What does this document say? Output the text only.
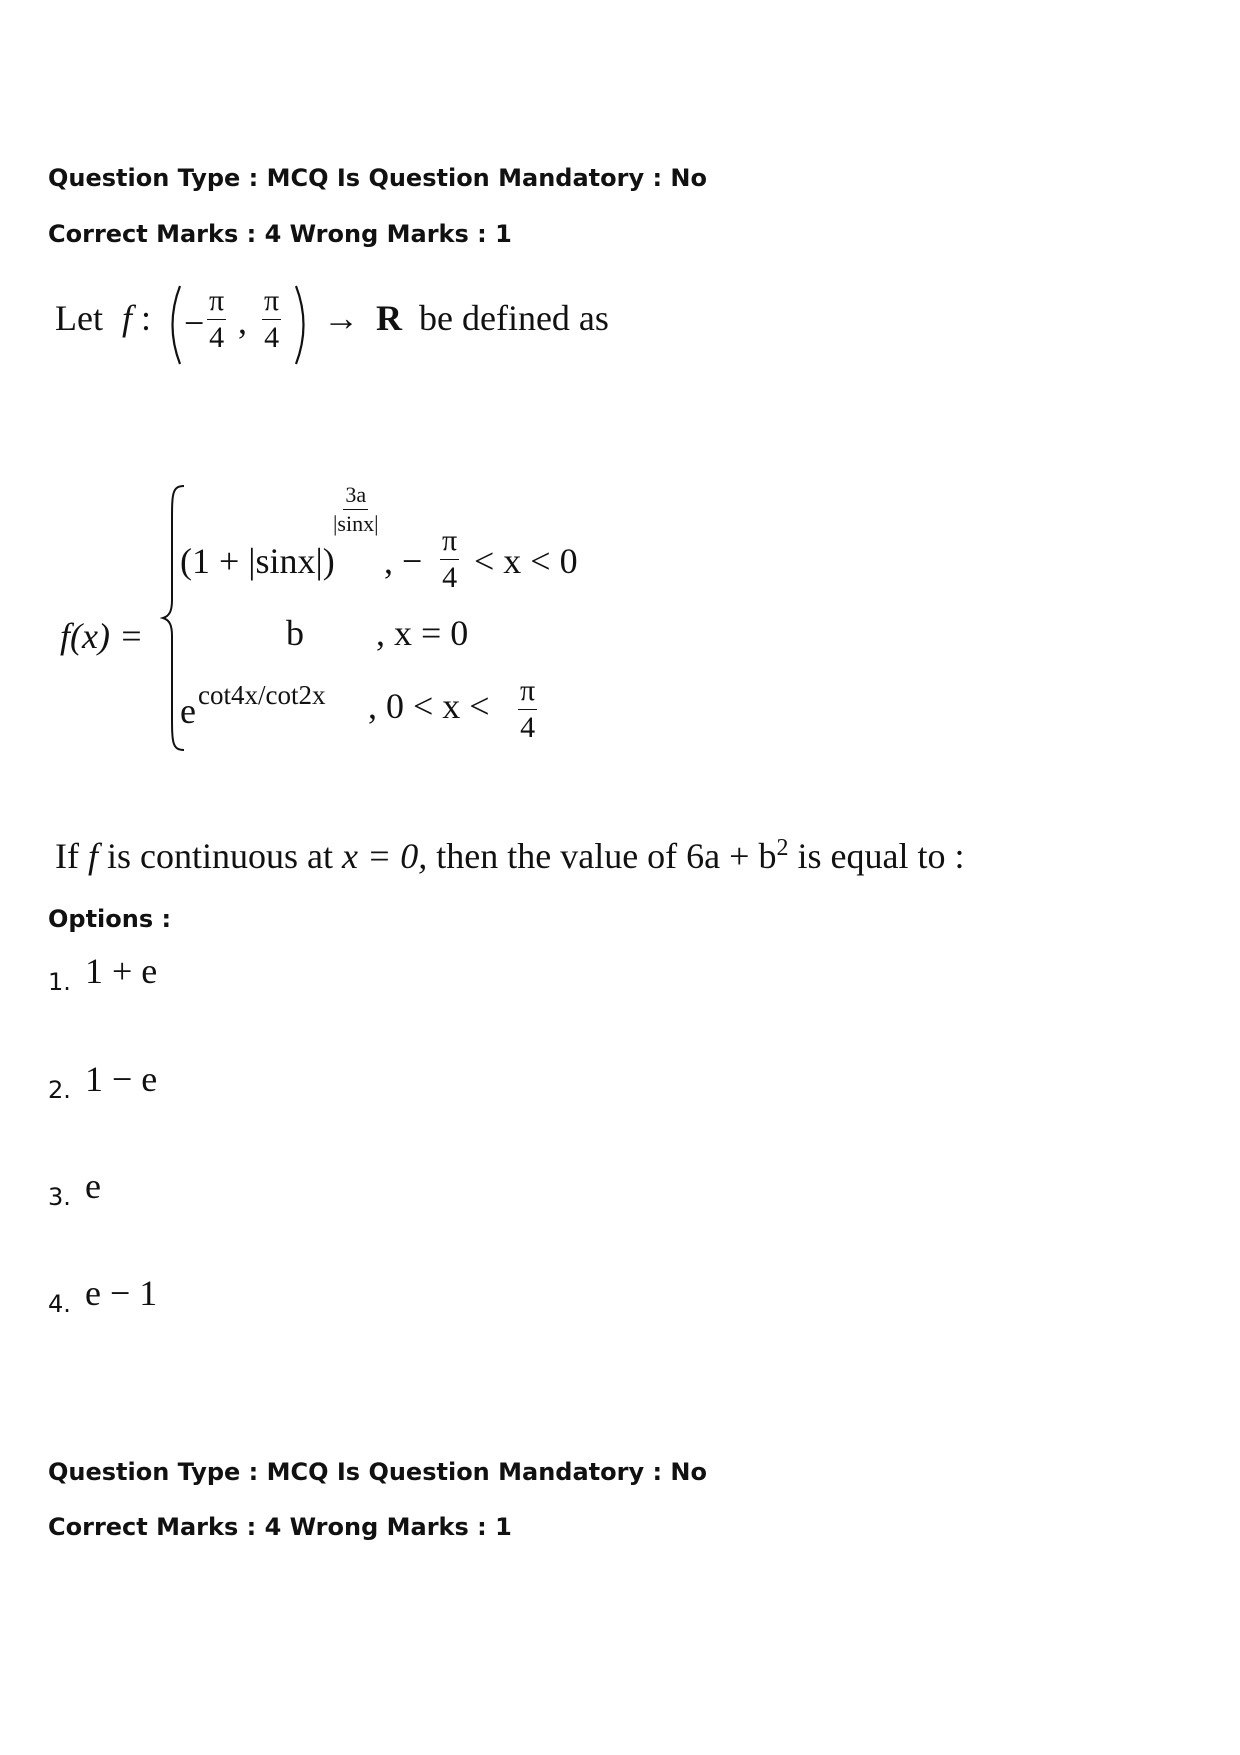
Question Type : MCQ Is Question Mandatory : No
Correct Marks : 4 Wrong Marks : 1
Let f : − $\frac{\pi}{4}$ , $\frac{\pi}{4} \to R$ be defined as
f(x) =
$\frac{3a}{|\sin x|}$
(1 + |sinx|) , − $\frac{\pi}{4} < x < 0$
b , x = 0
e cot4x/cot2x , $0 < x < \frac{\pi}{4}$
If f is continuous at x = 0, then the value of $6a + b^2$ is equal to :
Options :
1. 1 + e
2. 1 − e
3. e
4. e − 1
Question Type : MCQ Is Question Mandatory : No
Correct Marks : 4 Wrong Marks : 1
